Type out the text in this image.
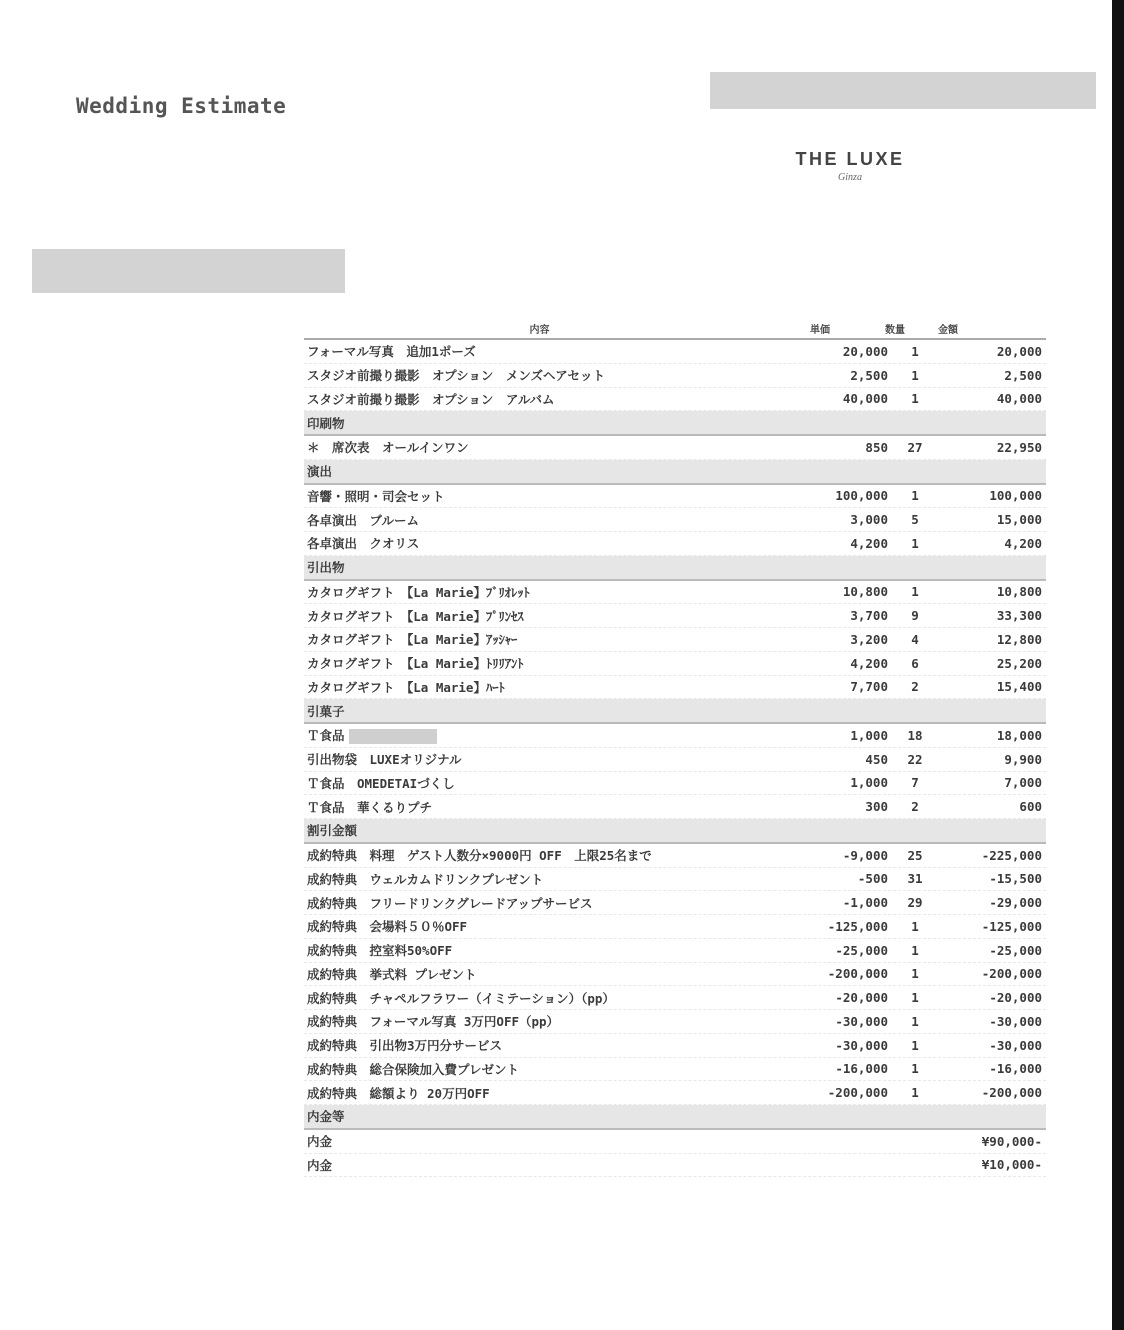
Wedding Estimate
THE LUXE
Ginza
内容	単価	数量	金額
フォーマル写真　追加1ポーズ	20,000	1	20,000
スタジオ前撮り撮影　オプション　メンズヘアセット	2,500	1	2,500
スタジオ前撮り撮影　オプション　アルバム	40,000	1	40,000
印刷物
＊　席次表　オールインワン	850	27	22,950
演出
音響・照明・司会セット	100,000	1	100,000
各卓演出　ブルーム	3,000	5	15,000
各卓演出　クオリス	4,200	1	4,200
引出物
カタログギフト　【La Marie】ﾌﾞﾘｵﾚｯﾄ	10,800	1	10,800
カタログギフト　【La Marie】ﾌﾟﾘﾝｾｽ	3,700	9	33,300
カタログギフト　【La Marie】ｱｯｼｬｰ	3,200	4	12,800
カタログギフト　【La Marie】ﾄﾘﾘｱﾝﾄ	4,200	6	25,200
カタログギフト　【La Marie】ﾊｰﾄ	7,700	2	15,400
引菓子
Ｔ食品	1,000	18	18,000
引出物袋　LUXEオリジナル	450	22	9,900
Ｔ食品　OMEDETAIづくし	1,000	7	7,000
Ｔ食品　華くるりプチ	300	2	600
割引金額
成約特典　料理　ゲスト人数分×9000円 OFF　上限25名まで	-9,000	25	-225,000
成約特典　ウェルカムドリンクプレゼント	-500	31	-15,500
成約特典　フリードリンクグレードアップサービス	-1,000	29	-29,000
成約特典　会場料５０％OFF	-125,000	1	-125,000
成約特典　控室料50%OFF	-25,000	1	-25,000
成約特典　挙式料 プレゼント	-200,000	1	-200,000
成約特典　チャペルフラワー（イミテーション）（pp）	-20,000	1	-20,000
成約特典　フォーマル写真 3万円OFF（pp）	-30,000	1	-30,000
成約特典　引出物3万円分サービス	-30,000	1	-30,000
成約特典　総合保険加入費プレゼント	-16,000	1	-16,000
成約特典　総額より 20万円OFF	-200,000	1	-200,000
内金等
内金	¥90,000-
内金	¥10,000-
